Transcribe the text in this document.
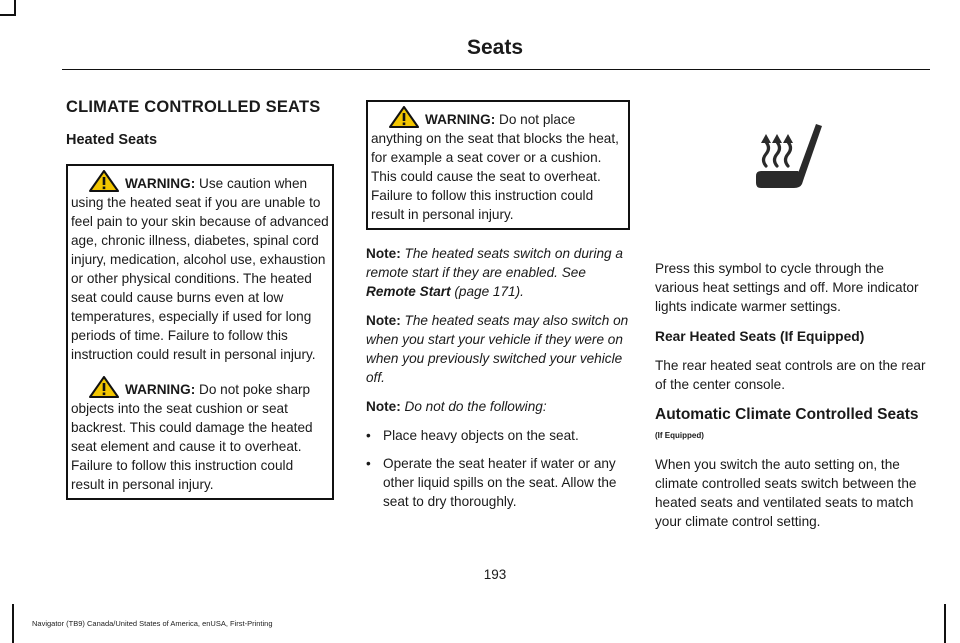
Seats
CLIMATE CONTROLLED SEATS
Heated Seats

WARNING: Use caution when using the heated seat if you are unable to feel pain to your skin because of advanced age, chronic illness, diabetes, spinal cord injury, medication, alcohol use, exhaustion or other physical conditions. The heated seat could cause burns even at low temperatures, especially if used for long periods of time. Failure to follow this instruction could result in personal injury.

WARNING: Do not poke sharp objects into the seat cushion or seat backrest. This could damage the heated seat element and cause it to overheat. Failure to follow this instruction could result in personal injury.

WARNING: Do not place anything on the seat that blocks the heat, for example a seat cover or a cushion. This could cause the seat to overheat. Failure to follow this instruction could result in personal injury.

Note: The heated seats switch on during a remote start if they are enabled. See Remote Start (page 171).

Note: The heated seats may also switch on when you start your vehicle if they were on when you previously switched your vehicle off.

Note: Do not do the following:

• Place heavy objects on the seat.
• Operate the seat heater if water or any other liquid spills on the seat. Allow the seat to dry thoroughly.

Press this symbol to cycle through the various heat settings and off. More indicator lights indicate warmer settings.

Rear Heated Seats (If Equipped)

The rear heated seat controls are on the rear of the center console.

Automatic Climate Controlled Seats (If Equipped)

When you switch the auto setting on, the climate controlled seats switch between the heated seats and ventilated seats to match your climate control setting.

193
Navigator (TB9) Canada/United States of America, enUSA, First-Printing
